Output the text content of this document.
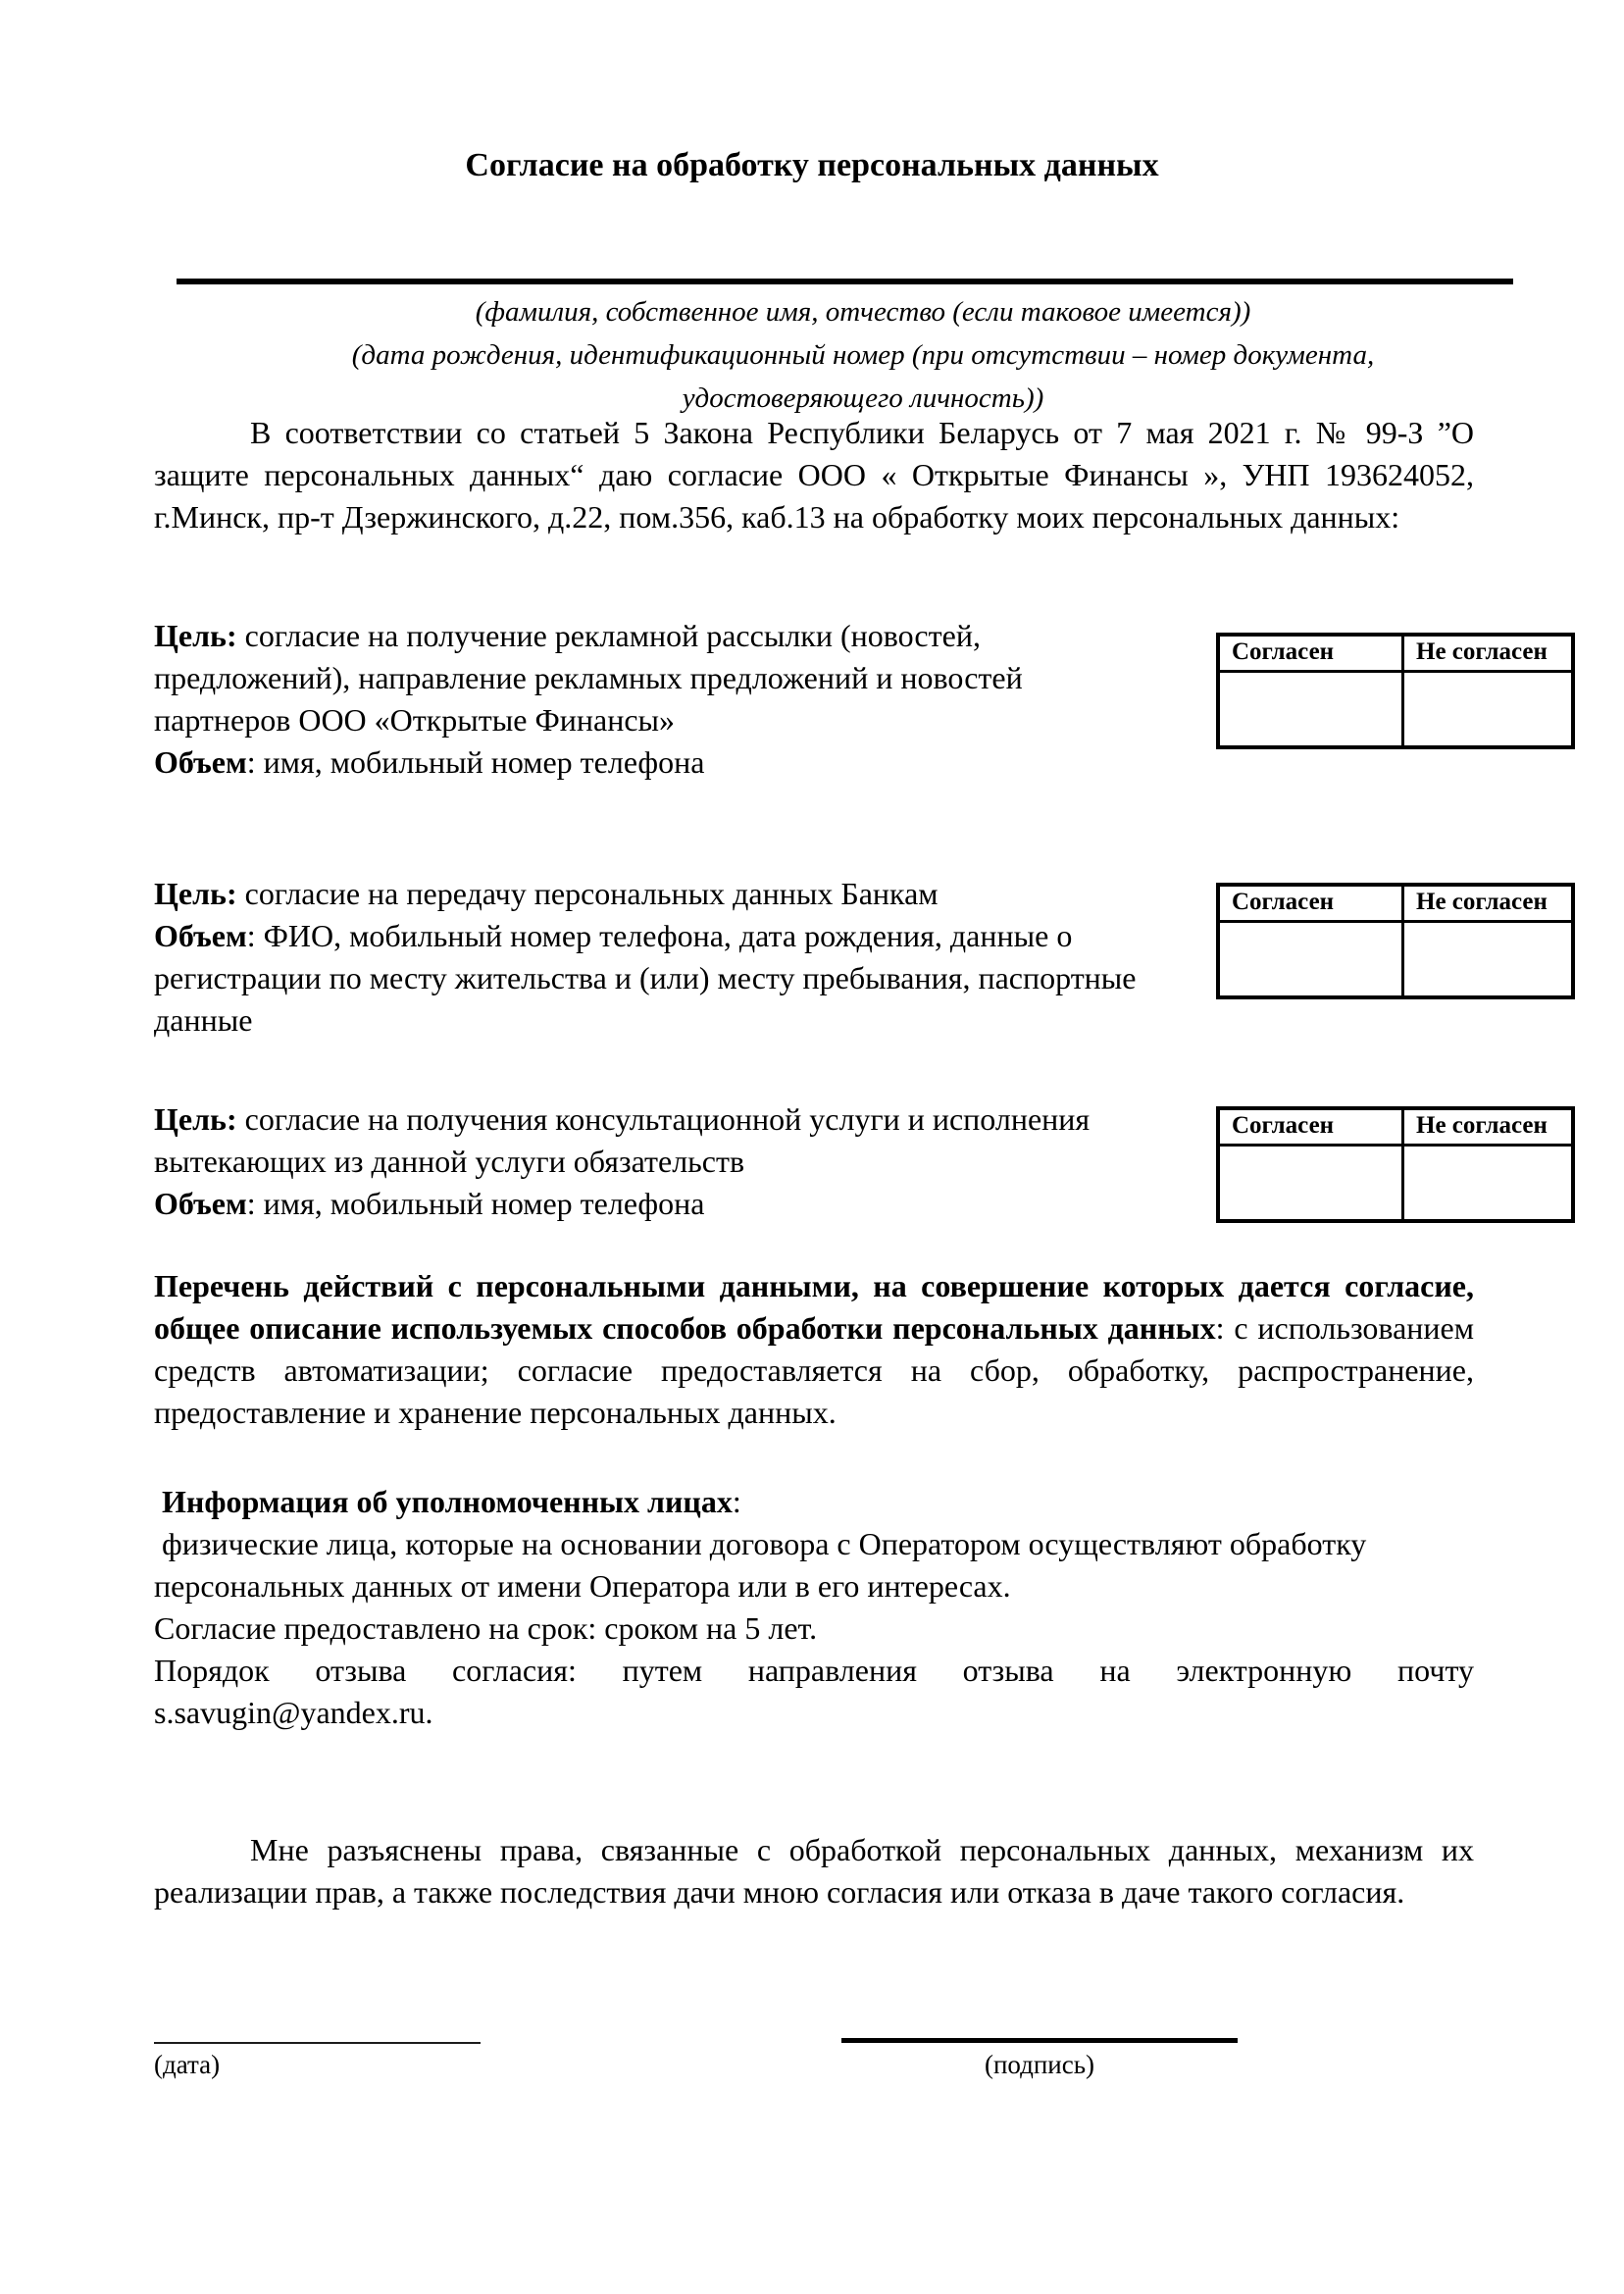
Согласие на обработку персональных данных

(фамилия, собственное имя, отчество (если таковое имеется))

(дата рождения, идентификационный номер (при отсутствии – номер документа,

удостоверяющего личность))

В соответствии со статьей 5 Закона Республики Беларусь от 7 мая 2021 г. № 99-З ”О защите персональных данных“ даю согласие ООО « Открытые Финансы », УНП 193624052, г.Минск, пр-т Дзержинского, д.22, пом.356, каб.13 на обработку моих персональных данных:

Цель: согласие на получение рекламной рассылки (новостей, предложений), направление рекламных предложений и новостей партнеров ООО «Открытые Финансы»

Объем: имя, мобильный номер телефона

Согласен	Не согласен

Цель: согласие на передачу персональных данных Банкам

Объем: ФИО, мобильный номер телефона, дата рождения, данные о регистрации по месту жительства и (или) месту пребывания, паспортные данные

Согласен	Не согласен

Цель: согласие на получения консультационной услуги и исполнения вытекающих из данной услуги обязательств

Объем: имя, мобильный номер телефона

Согласен	Не согласен

Перечень действий с персональными данными, на совершение которых дается согласие, общее описание используемых способов обработки персональных данных: с использованием средств автоматизации; согласие предоставляется на сбор, обработку, распространение, предоставление и хранение персональных данных.

Информация об уполномоченных лицах:

физические лица, которые на основании договора с Оператором осуществляют обработку персональных данных от имени Оператора или в его интересах.

Согласие предоставлено на срок: сроком на 5 лет.

Порядок отзыва согласия: путем направления отзыва на электронную почту

s.savugin@yandex.ru.

Мне разъяснены права, связанные с обработкой персональных данных, механизм их реализации прав, а также последствия дачи мною согласия или отказа в даче такого согласия.

(дата)	(подпись)
